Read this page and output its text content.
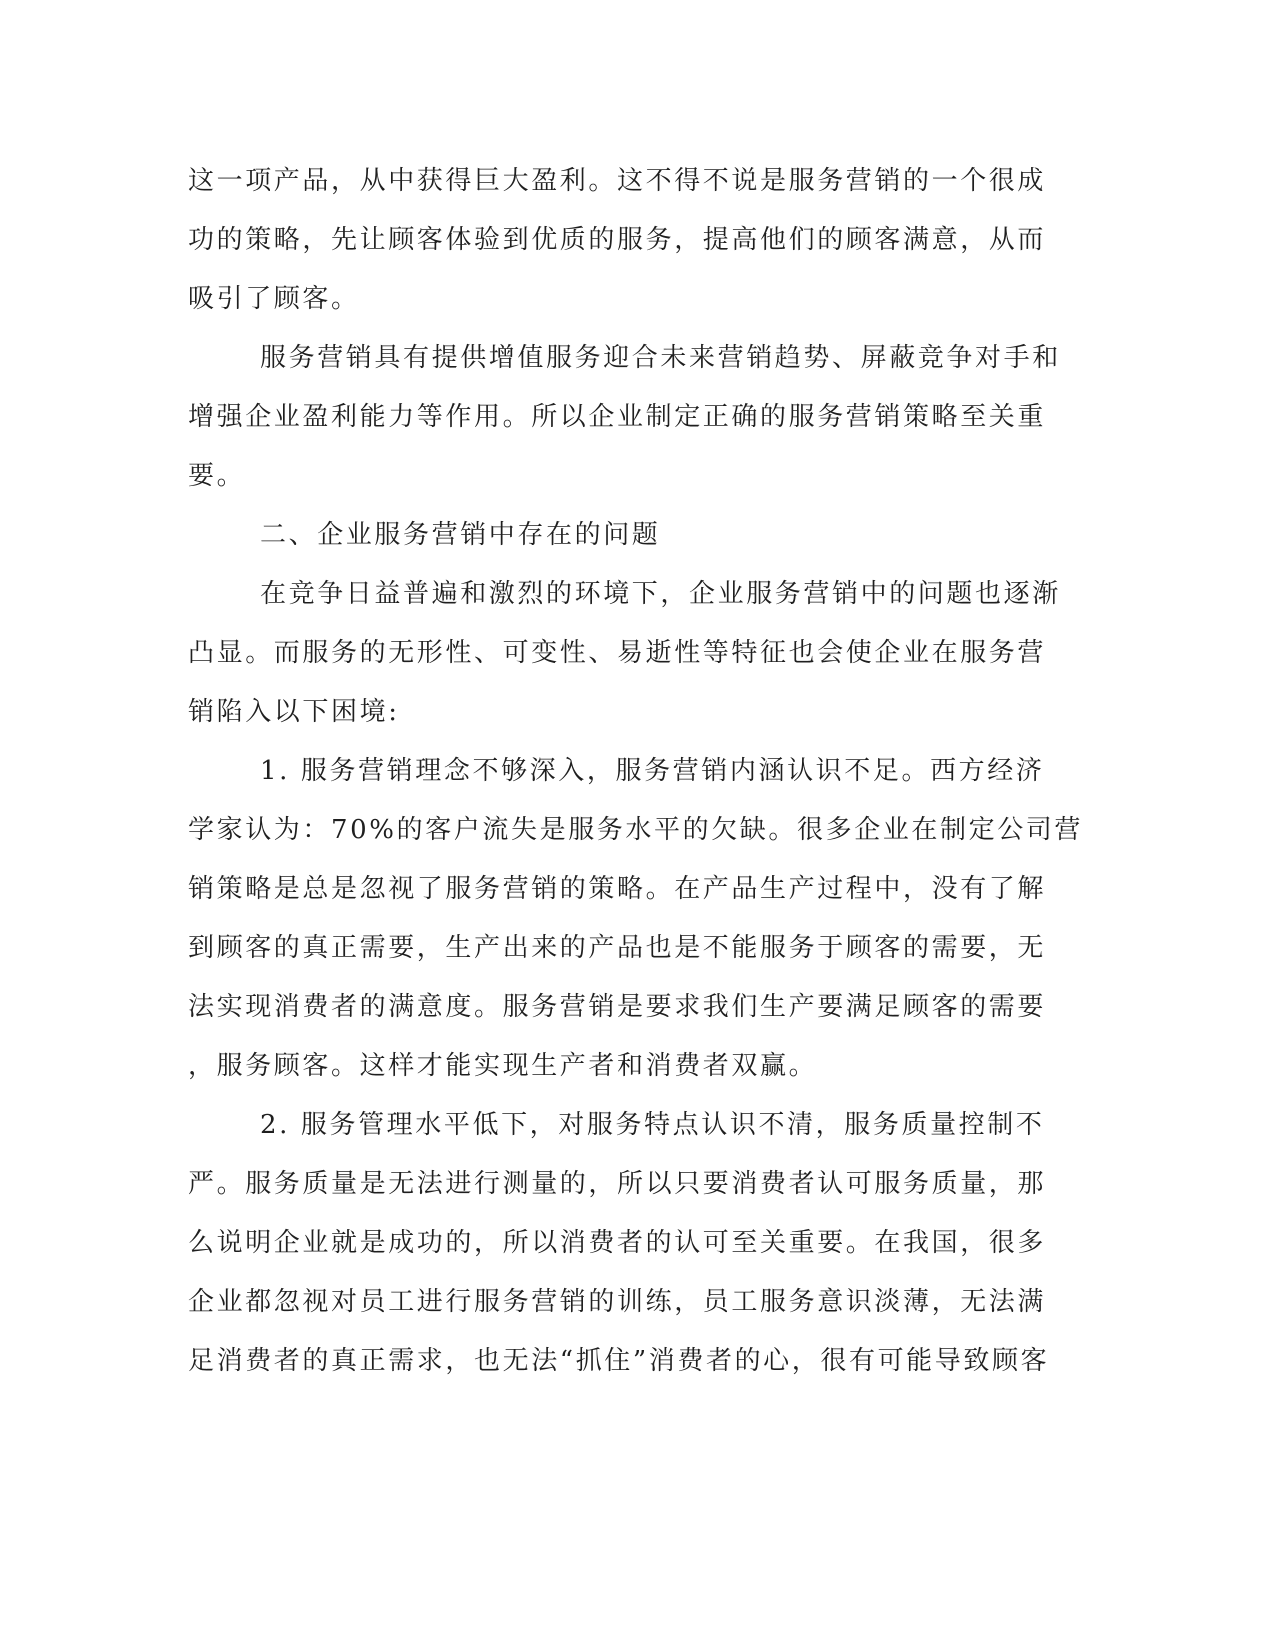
这一项产品，从中获得巨大盈利。这不得不说是服务营销的一个很成
功的策略，先让顾客体验到优质的服务，提高他们的顾客满意，从而
吸引了顾客。
服务营销具有提供增值服务迎合未来营销趋势、屏蔽竞争对手和
增强企业盈利能力等作用。所以企业制定正确的服务营销策略至关重
要。
二、企业服务营销中存在的问题
在竞争日益普遍和激烈的环境下，企业服务营销中的问题也逐渐
凸显。而服务的无形性、可变性、易逝性等特征也会使企业在服务营
销陷入以下困境:
1. 服务营销理念不够深入，服务营销内涵认识不足。西方经济
学家认为：70%的客户流失是服务水平的欠缺。很多企业在制定公司营
销策略是总是忽视了服务营销的策略。在产品生产过程中，没有了解
到顾客的真正需要，生产出来的产品也是不能服务于顾客的需要，无
法实现消费者的满意度。服务营销是要求我们生产要满足顾客的需要
，服务顾客。这样才能实现生产者和消费者双赢。
2. 服务管理水平低下，对服务特点认识不清，服务质量控制不
严。服务质量是无法进行测量的，所以只要消费者认可服务质量，那
么说明企业就是成功的，所以消费者的认可至关重要。在我国，很多
企业都忽视对员工进行服务营销的训练，员工服务意识淡薄，无法满
足消费者的真正需求，也无法“抓住”消费者的心，很有可能导致顾客
